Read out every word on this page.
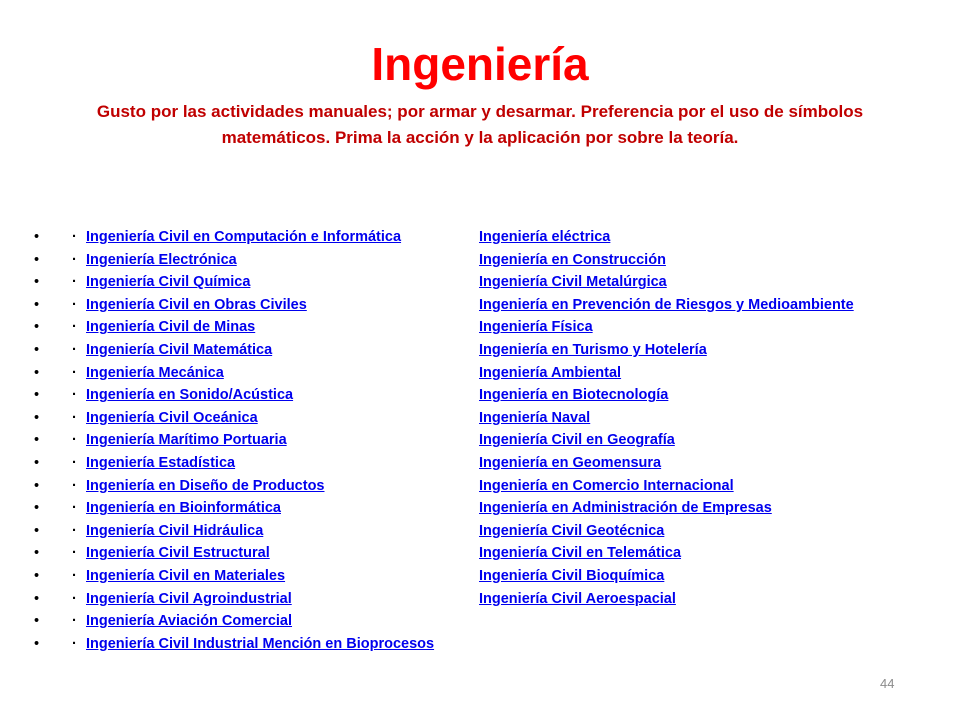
Ingeniería

Gusto por las actividades manuales; por armar y desarmar. Preferencia por el uso de símbolos matemáticos. Prima la acción y la aplicación por sobre la teoría.

• · Ingeniería Civil en Computación e Informática	Ingeniería eléctrica
• · Ingeniería Electrónica	Ingeniería en Construcción
• · Ingeniería Civil Química	Ingeniería Civil Metalúrgica
• · Ingeniería Civil en Obras Civiles	Ingeniería en Prevención de Riesgos y Medioambiente
• · Ingeniería Civil de Minas	Ingeniería Física
• · Ingeniería Civil Matemática	Ingeniería en Turismo y Hotelería
• · Ingeniería Mecánica	Ingeniería Ambiental
• · Ingeniería en Sonido/Acústica	Ingeniería en Biotecnología
• · Ingeniería Civil Oceánica	Ingeniería Naval
• · Ingeniería Marítimo Portuaria	Ingeniería Civil en Geografía
• · Ingeniería Estadística	Ingeniería en Geomensura
• · Ingeniería en Diseño de Productos	Ingeniería en Comercio Internacional
• · Ingeniería en Bioinformática	Ingeniería en Administración de Empresas
• · Ingeniería Civil Hidráulica	Ingeniería Civil Geotécnica
• · Ingeniería Civil Estructural	Ingeniería Civil en Telemática
• · Ingeniería Civil en Materiales	Ingeniería Civil Bioquímica
• · Ingeniería Civil Agroindustrial	Ingeniería Civil Aeroespacial
• · Ingeniería Aviación Comercial
• · Ingeniería Civil Industrial Mención en Bioprocesos
44
